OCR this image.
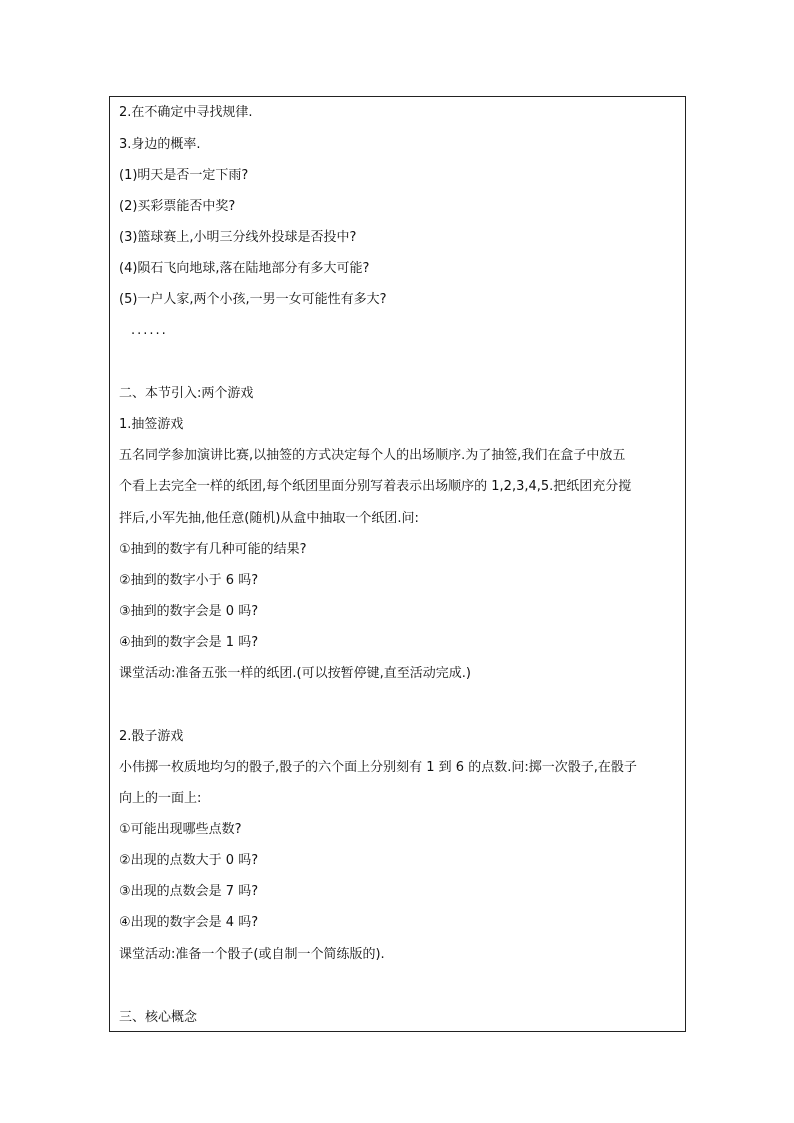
2.在不确定中寻找规律.
3.身边的概率.
(1)明天是否一定下雨?
(2)买彩票能否中奖?
(3)篮球赛上,小明三分线外投球是否投中?
(4)陨石飞向地球,落在陆地部分有多大可能?
(5)一户人家,两个小孩,一男一女可能性有多大?
......
二、本节引入:两个游戏
1.抽签游戏
五名同学参加演讲比赛,以抽签的方式决定每个人的出场顺序.为了抽签,我们在盒子中放五
个看上去完全一样的纸团,每个纸团里面分别写着表示出场顺序的 1,2,3,4,5.把纸团充分搅
拌后,小军先抽,他任意(随机)从盒中抽取一个纸团.问:
①抽到的数字有几种可能的结果?
②抽到的数字小于 6 吗?
③抽到的数字会是 0 吗?
④抽到的数字会是 1 吗?
课堂活动:准备五张一样的纸团.(可以按暂停键,直至活动完成.)
2.骰子游戏
小伟掷一枚质地均匀的骰子,骰子的六个面上分别刻有 1 到 6 的点数.问:掷一次骰子,在骰子
向上的一面上:
①可能出现哪些点数?
②出现的点数大于 0 吗?
③出现的点数会是 7 吗?
④出现的数字会是 4 吗?
课堂活动:准备一个骰子(或自制一个简练版的).
三、核心概念
